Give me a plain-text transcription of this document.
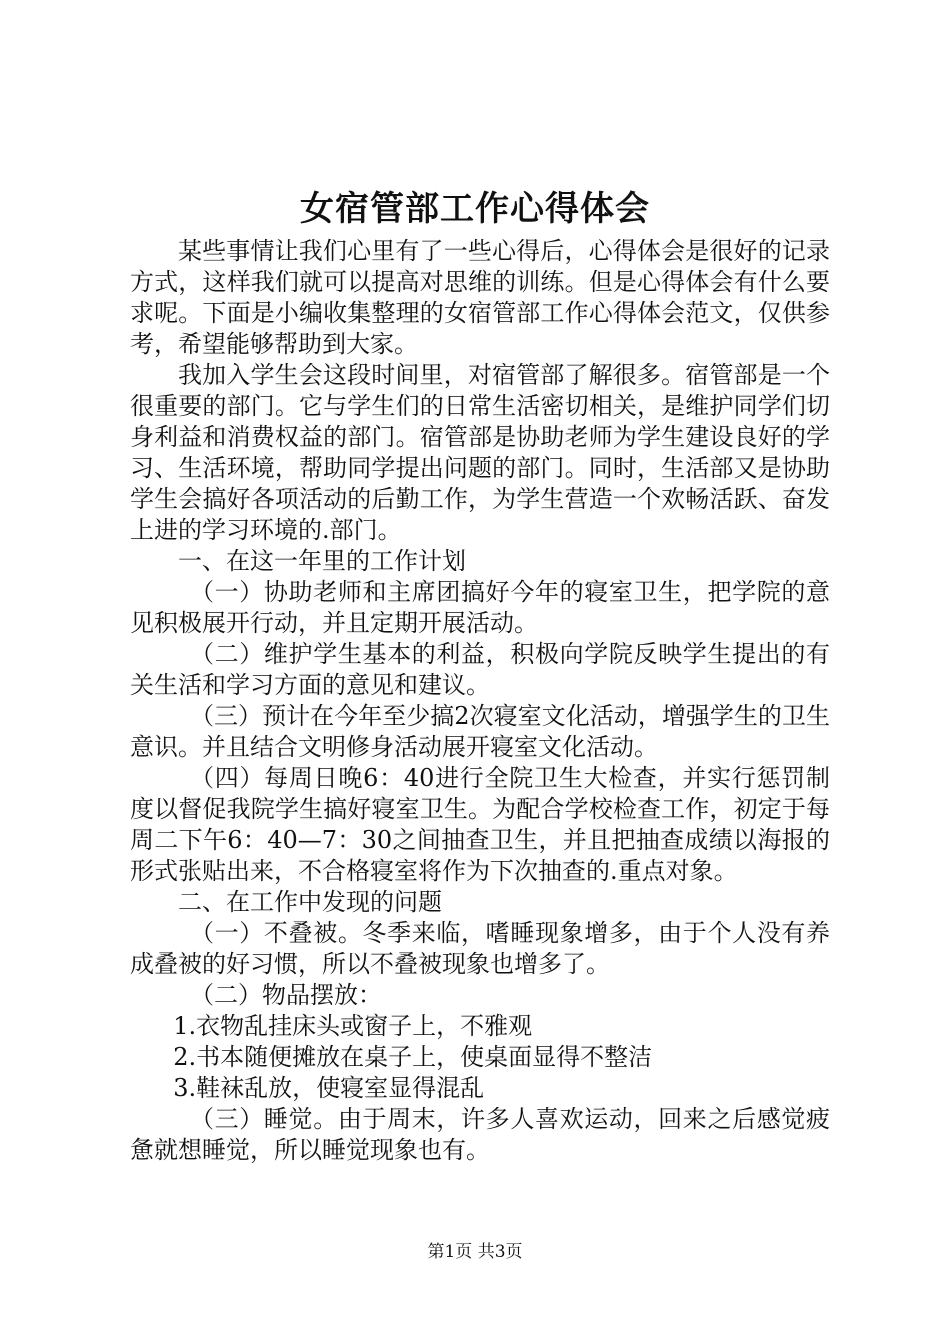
女宿管部工作心得体会

某些事情让我们心里有了一些心得后，心得体会是很好的记录方式，这样我们就可以提高对思维的训练。但是心得体会有什么要求呢。下面是小编收集整理的女宿管部工作心得体会范文，仅供参考，希望能够帮助到大家。

我加入学生会这段时间里，对宿管部了解很多。宿管部是一个很重要的部门。它与学生们的日常生活密切相关，是维护同学们切身利益和消费权益的部门。宿管部是协助老师为学生建设良好的学习、生活环境，帮助同学提出问题的部门。同时，生活部又是协助学生会搞好各项活动的后勤工作，为学生营造一个欢畅活跃、奋发上进的学习环境的.部门。

一、在这一年里的工作计划

（一）协助老师和主席团搞好今年的寝室卫生，把学院的意见积极展开行动，并且定期开展活动。

（二）维护学生基本的利益，积极向学院反映学生提出的有关生活和学习方面的意见和建议。

（三）预计在今年至少搞2次寝室文化活动，增强学生的卫生意识。并且结合文明修身活动展开寝室文化活动。

（四）每周日晚6：40进行全院卫生大检查，并实行惩罚制度以督促我院学生搞好寝室卫生。为配合学校检查工作，初定于每周二下午6：40—7：30之间抽查卫生，并且把抽查成绩以海报的形式张贴出来，不合格寝室将作为下次抽查的.重点对象。

二、在工作中发现的问题

（一）不叠被。冬季来临，嗜睡现象增多，由于个人没有养成叠被的好习惯，所以不叠被现象也增多了。

（二）物品摆放：

1.衣物乱挂床头或窗子上，不雅观

2.书本随便摊放在桌子上，使桌面显得不整洁

3.鞋袜乱放，使寝室显得混乱

（三）睡觉。由于周末，许多人喜欢运动，回来之后感觉疲惫就想睡觉，所以睡觉现象也有。

第1页 共3页
